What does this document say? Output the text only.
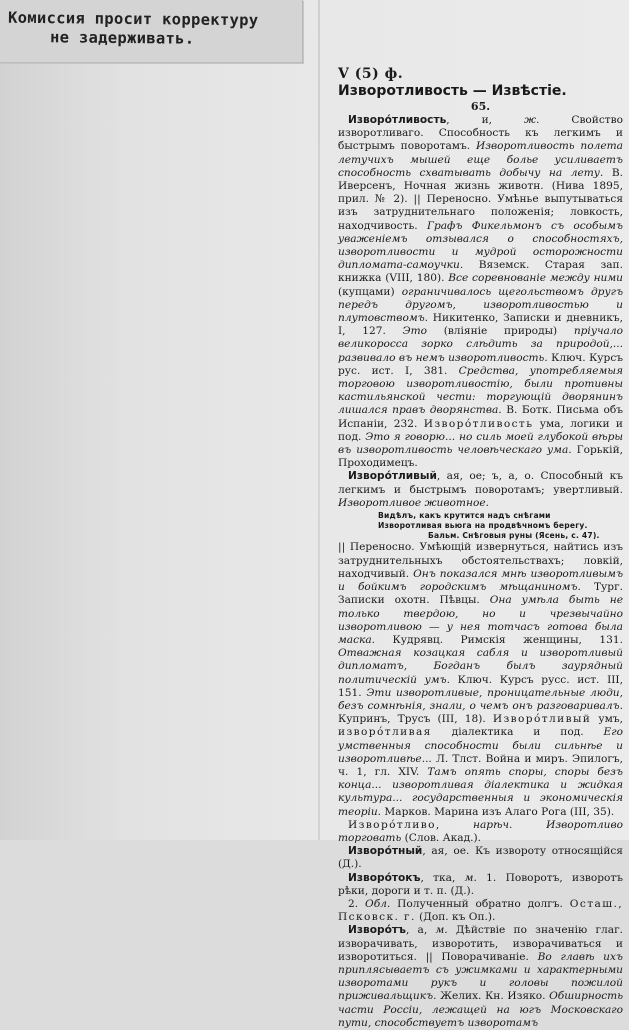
Комиссия просит корректуру
не задерживать.
V (5) ф.
Изворотливость — Извѣстіе.
65.

Изворо́тливость, и, ж. Свойство изворотливаго. Способность къ легкимъ и быстрымъ поворотамъ. Изворотливость полета летучихъ мышей еще болье усиливаетъ способность схватывать добычу на лету. В. Иверсенъ, Ночная жизнь животн. (Нива 1895, прил. № 2). || Переносно. Умѣнье выпутываться изъ затруднительнаго положенія; ловкость, находчивость. Графъ Фикельмонъ съ особымъ уваженіемъ отзывался о способностяхъ, изворотливости и мудрой осторожности дипломата-самоучки. Вяземск. Старая зап. книжка (VIII, 180). Все соревнованіе между ними (купцами) ограничивалось щегольствомъ другъ передъ другомъ, изворотливостью и плутовствомъ. Никитенко, Записки и дневникъ, I, 127. Это (вліяніе природы) пріучало великоросса зорко слѣдить за природой,... развивало въ немъ изворотливость. Ключ. Курсъ рус. ист. I, 381. Средства, употребляемыя торговою изворотливостію, были противны кастильянской чести: торгующій дворянинъ лишался правъ дворянства. В. Ботк. Письма объ Испаніи, 232. Изворо́тливость ума, логики и под. Это я говорю... но силь моей глубокой вѣры въ изворотливость человѣческаго ума. Горькій, Проходимецъ.

Изворо́тливый, ая, ое; ъ, а, о. Способный къ легкимъ и быстрымъ поворотамъ; увертливый. Изворотливое животное.

Видѣлъ, какъ крутится надъ снѣгами
Изворотливая вьюга на продвѣчномъ берегу.
Бальм. Снѣговыя руны (Ясень, с. 47).

|| Переносно. Умѣющій извернуться, найтись изъ затруднительныхъ обстоятельствахъ; ловкій, находчивый. Онъ показался мнѣ изворотливымъ и бойкимъ городскимъ мѣщаниномъ. Тург. Записки охотн. Пѣвцы. Она умѣла быть не только твердою, но и чрезвычайно изворотливою — у нея тотчасъ готова была маска. Кудрявц. Римскія женщины, 131. Отважная козацкая сабля и изворотливый дипломатъ, Богданъ былъ заурядный политическій умъ. Ключ. Курсъ русс. ист. III, 151. Эти изворотливые, проницательные люди, безъ сомнѣнія, знали, о чемъ онъ разговаривалъ. Купринъ, Трусъ (III, 18). Изворо́тливый умъ, изворо́тливая діалектика и под. Его умственныя способности были сильнѣе и изворотливѣе... Л. Тлст. Война и миръ. Эпилогъ, ч. 1, гл. XIV. Тамъ опять споры, споры безъ конца... изворотливая діалектика и жидкая культура... государственныя и экономическія теоріи. Марков. Марина изъ Алаго Рога (III, 35).

Изворо́тливо, нарѣч.	Изворотливо торговать (Слов. Акад.).

Изворо́тный, ая, ое. Къ извороту относящійся (Д.).

Изворо́токъ, тка, м. 1. Поворотъ, изворотъ рѣки, дороги и т. п. (Д.).

2. Обл. Полученный обратно долгъ. Осташ., Псковск. г. (Доп. къ Оп.).

Изворо́тъ, а, м. Дѣйствіе по значенію глаг. изворачивать, изворотить, изворачиваться и изворотиться. || Поворачиваніе. Во главѣ ихъ приплясываетъ съ ужимками и характерными изворотами рукъ и головы пожилой приживальщикъ. Желих. Кн. Изяко. Обширность части Россіи, лежащей на югъ Московскаго пути, способствуетъ изворотамъ
